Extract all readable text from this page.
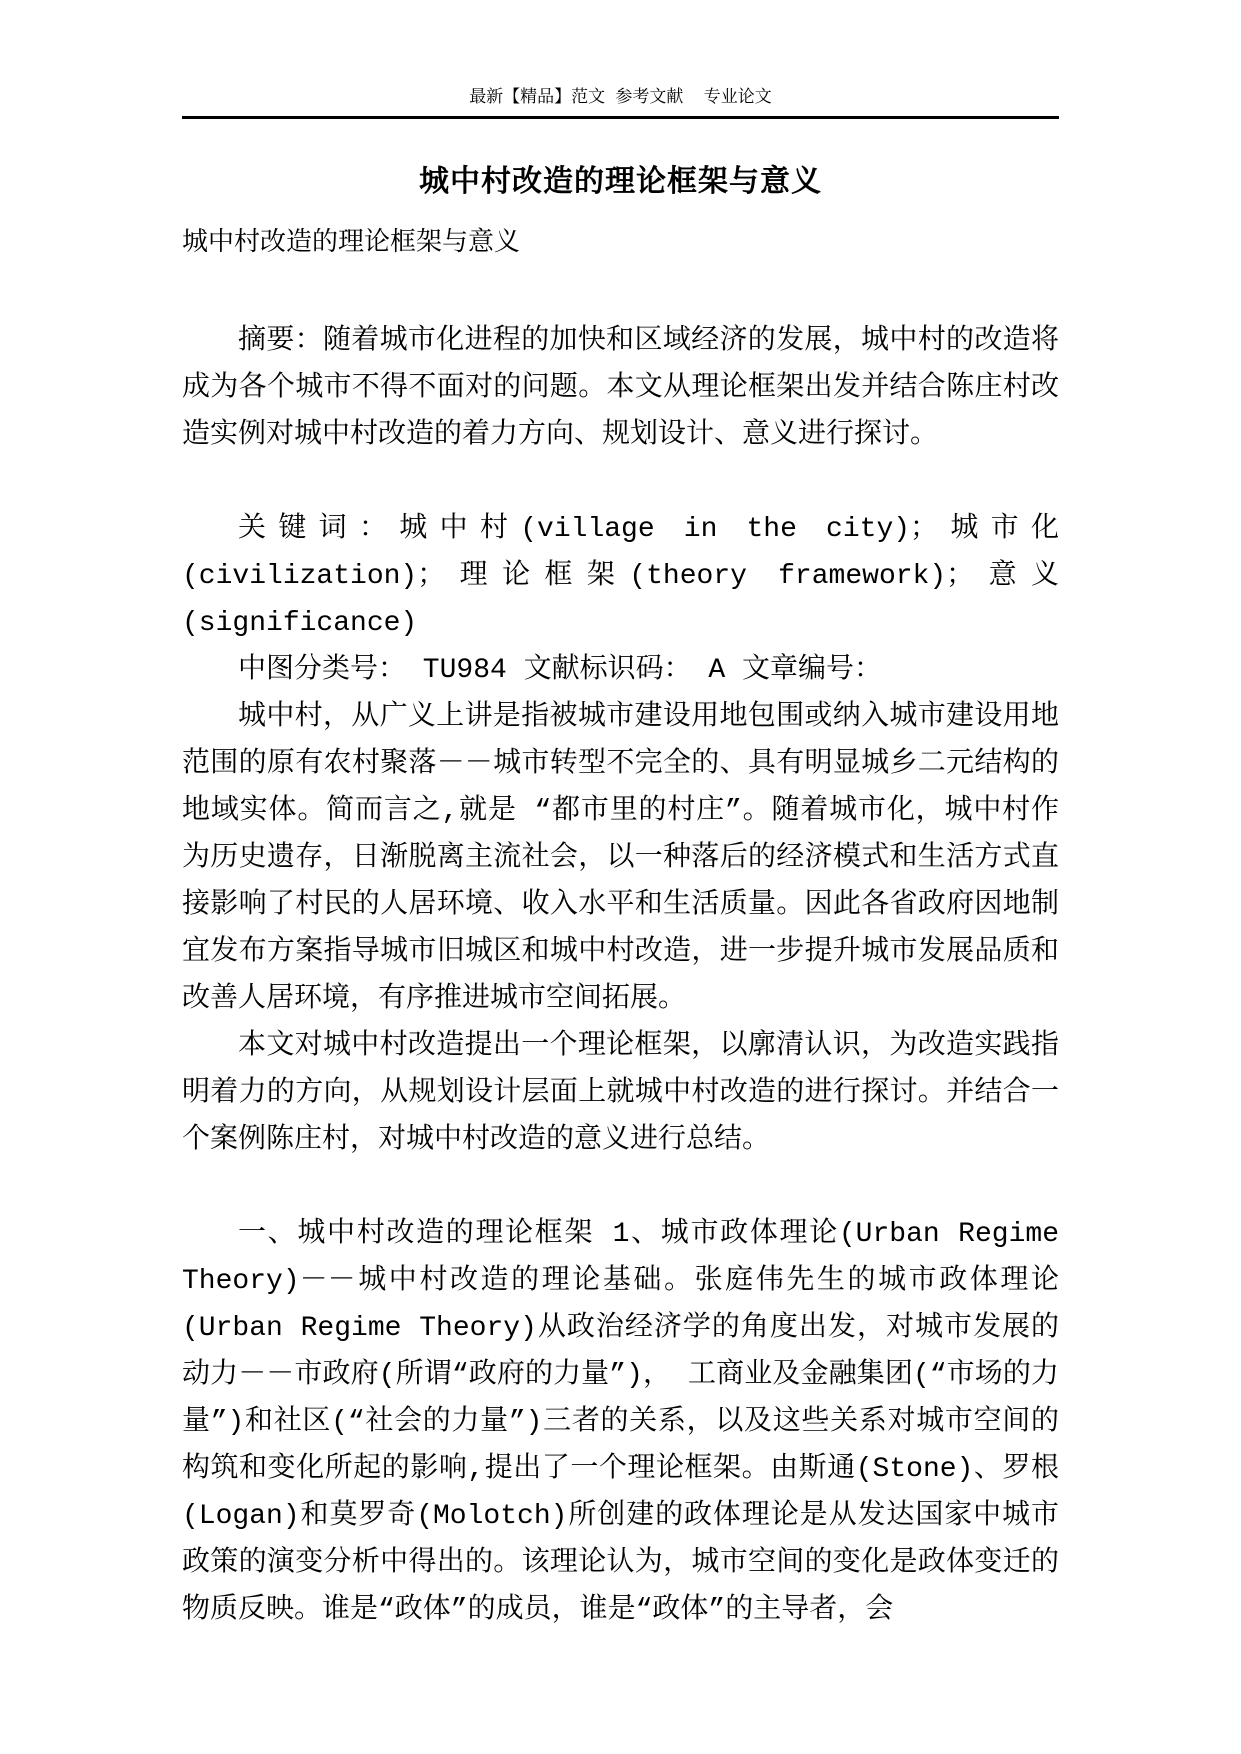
最新【精品】范文 参考文献  专业论文
城中村改造的理论框架与意义
城中村改造的理论框架与意义

摘要：随着城市化进程的加快和区域经济的发展，城中村的改造将成为各个城市不得不面对的问题。本文从理论框架出发并结合陈庄村改造实例对城中村改造的着力方向、规划设计、意义进行探讨。

关键词：城中村(village in the city)；城市化(civilization)；理论框架(theory framework)；意义(significance)

中图分类号： TU984 文献标识码： A 文章编号：

城中村，从广义上讲是指被城市建设用地包围或纳入城市建设用地范围的原有农村聚落－－城市转型不完全的、具有明显城乡二元结构的地域实体。简而言之,就是 “都市里的村庄”。随着城市化，城中村作为历史遗存，日渐脱离主流社会，以一种落后的经济模式和生活方式直接影响了村民的人居环境、收入水平和生活质量。因此各省政府因地制宜发布方案指导城市旧城区和城中村改造，进一步提升城市发展品质和改善人居环境，有序推进城市空间拓展。

本文对城中村改造提出一个理论框架，以廓清认识，为改造实践指明着力的方向，从规划设计层面上就城中村改造的进行探讨。并结合一个案例陈庄村，对城中村改造的意义进行总结。

一、城中村改造的理论框架 1、城市政体理论(Urban Regime Theory)－－城中村改造的理论基础。张庭伟先生的城市政体理论(Urban Regime Theory)从政治经济学的角度出发，对城市发展的动力－－市政府(所谓“政府的力量”)， 工商业及金融集团(“市场的力量”)和社区(“社会的力量”)三者的关系，以及这些关系对城市空间的构筑和变化所起的影响,提出了一个理论框架。由斯通(Stone)、罗根(Logan)和莫罗奇(Molotch)所创建的政体理论是从发达国家中城市政策的演变分析中得出的。该理论认为，城市空间的变化是政体变迁的物质反映。谁是“政体”的成员，谁是“政体”的主导者，会
